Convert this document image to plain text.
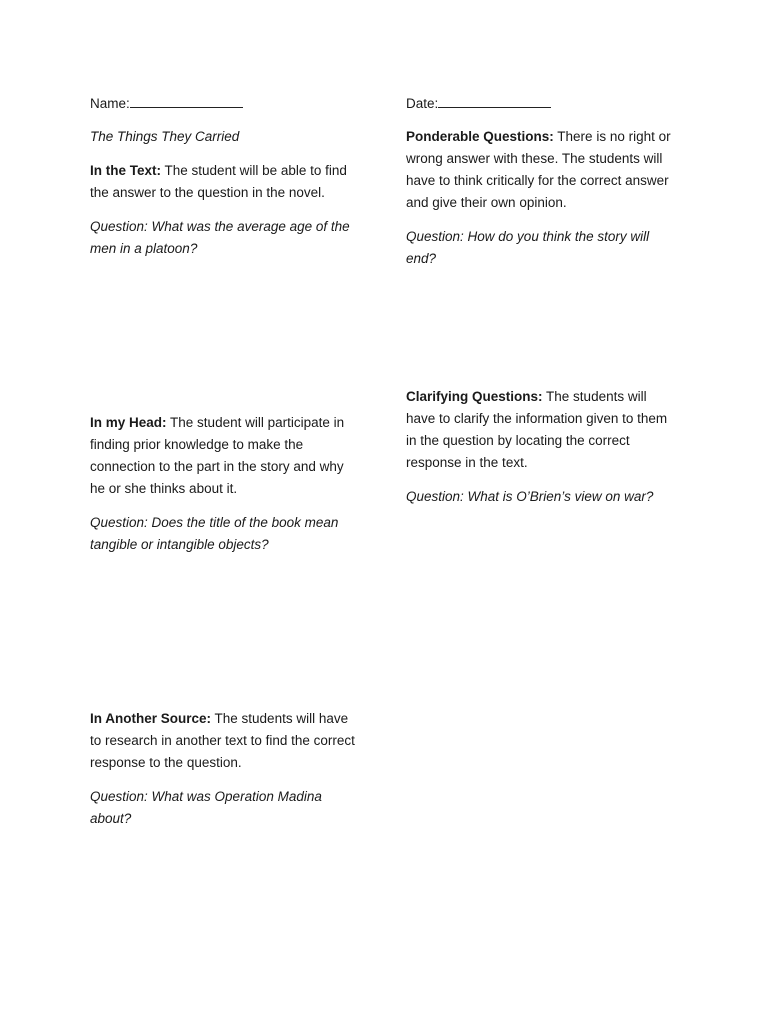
Name:	Date:

The Things They Carried

In the Text: The student will be able to find the answer to the question in the novel.

Question: What was the average age of the men in a platoon?

Ponderable Questions: There is no right or wrong answer with these. The students will have to think critically for the correct answer and give their own opinion.

Question: How do you think the story will end?

Clarifying Questions: The students will have to clarify the information given to them in the question by locating the correct response in the text.

Question: What is O’Brien’s view on war?

In my Head: The student will participate in finding prior knowledge to make the connection to the part in the story and why he or she thinks about it.

Question: Does the title of the book mean tangible or intangible objects?

In Another Source: The students will have to research in another text to find the correct response to the question.

Question: What was Operation Madina about?
